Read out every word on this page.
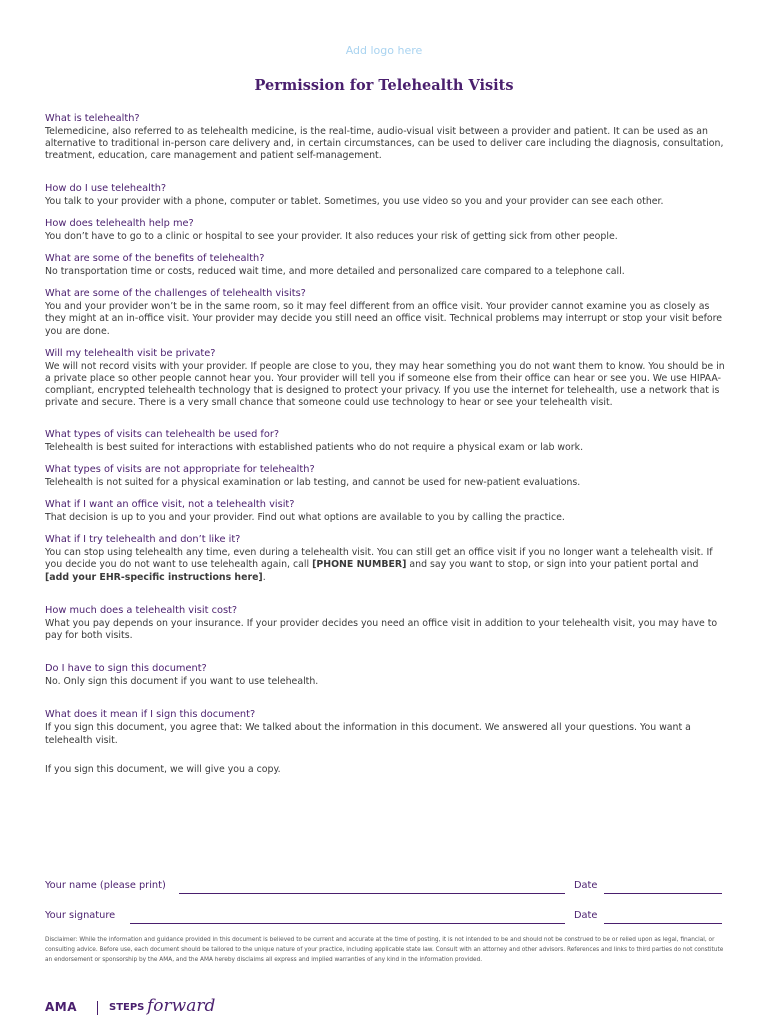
Add logo here
Permission for Telehealth Visits
What is telehealth?
Telemedicine, also referred to as telehealth medicine, is the real-time, audio-visual visit between a provider and patient. It can be used as an alternative to traditional in-person care delivery and, in certain circumstances, can be used to deliver care including the diagnosis, consultation, treatment, education, care management and patient self-management.
How do I use telehealth?
You talk to your provider with a phone, computer or tablet. Sometimes, you use video so you and your provider can see each other.
How does telehealth help me?
You don’t have to go to a clinic or hospital to see your provider. It also reduces your risk of getting sick from other people.
What are some of the benefits of telehealth?
No transportation time or costs, reduced wait time, and more detailed and personalized care compared to a telephone call.
What are some of the challenges of telehealth visits?
You and your provider won’t be in the same room, so it may feel different from an office visit. Your provider cannot examine you as closely as they might at an in-office visit. Your provider may decide you still need an office visit. Technical problems may interrupt or stop your visit before you are done.
Will my telehealth visit be private?
We will not record visits with your provider. If people are close to you, they may hear something you do not want them to know. You should be in a private place so other people cannot hear you. Your provider will tell you if someone else from their office can hear or see you. We use HIPAA-compliant, encrypted telehealth technology that is designed to protect your privacy. If you use the internet for telehealth, use a network that is private and secure. There is a very small chance that someone could use technology to hear or see your telehealth visit.
What types of visits can telehealth be used for?
Telehealth is best suited for interactions with established patients who do not require a physical exam or lab work.
What types of visits are not appropriate for telehealth?
Telehealth is not suited for a physical examination or lab testing, and cannot be used for new-patient evaluations.
What if I want an office visit, not a telehealth visit?
That decision is up to you and your provider. Find out what options are available to you by calling the practice.
What if I try telehealth and don’t like it?
You can stop using telehealth any time, even during a telehealth visit. You can still get an office visit if you no longer want a telehealth visit. If you decide you do not want to use telehealth again, call [PHONE NUMBER] and say you want to stop, or sign into your patient portal and [add your EHR-specific instructions here].
How much does a telehealth visit cost?
What you pay depends on your insurance. If your provider decides you need an office visit in addition to your telehealth visit, you may have to pay for both visits.
Do I have to sign this document?
No. Only sign this document if you want to use telehealth.
What does it mean if I sign this document?
If you sign this document, you agree that: We talked about the information in this document. We answered all your questions. You want a telehealth visit.
If you sign this document, we will give you a copy.
Your name (please print)	Date
Your signature	Date
Disclaimer: While the information and guidance provided in this document is believed to be current and accurate at the time of posting, it is not intended to be and should not be construed to be or relied upon as legal, financial, or consulting advice. Before use, each document should be tailored to the unique nature of your practice, including applicable state law. Consult with an attorney and other advisors. References and links to third parties do not constitute an endorsement or sponsorship by the AMA, and the AMA hereby disclaims all express and implied warranties of any kind in the information provided.
AMA	STEPS forward
